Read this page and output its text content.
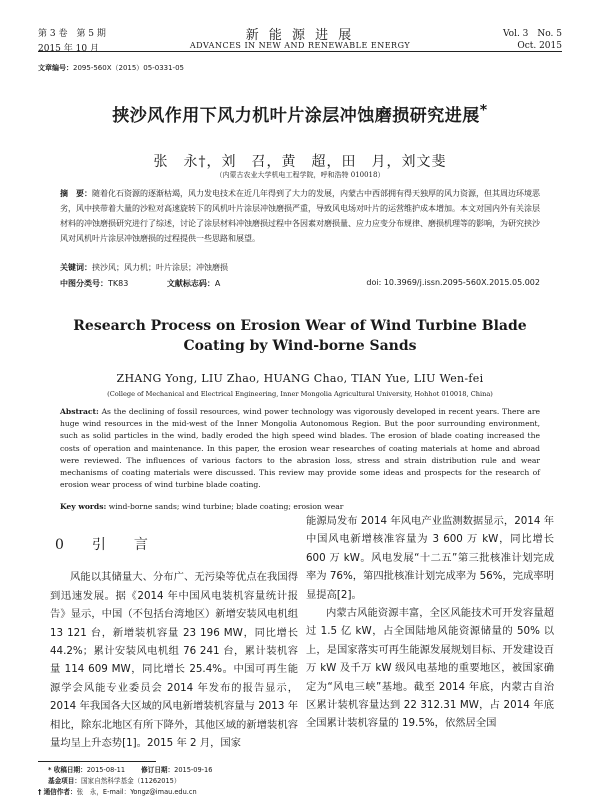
第 3 卷　第 5 期
2015 年 10 月
新 能 源 进 展
ADVANCES IN NEW AND RENEWABLE ENERGY
Vol. 3　No. 5
Oct. 2015
文章编号：2095-560X（2015）05-0331-05
挟沙风作用下风力机叶片涂层冲蚀磨损研究进展*
张　永†，刘　召，黄　超，田　月，刘文斐
（内蒙古农业大学机电工程学院，呼和浩特 010018）
摘　要：随着化石资源的逐渐枯竭，风力发电技术在近几年得到了大力的发展，内蒙古中西部拥有得天独厚的风力资源，但其周边环境恶劣，风中挟带着大量的沙粒对高速旋转下的风机叶片涂层冲蚀磨损严重，导致风电场对叶片的运营维护成本增加。本文对国内外有关涂层材料的冲蚀磨损研究进行了综述，讨论了涂层材料冲蚀磨损过程中各因素对磨损量、应力应变分布规律、磨损机理等的影响，为研究挟沙风对风机叶片涂层冲蚀磨损的过程提供一些思路和展望。
关键词：挟沙风；风力机；叶片涂层；冲蚀磨损
中图分类号：TK83	文献标志码：A	doi: 10.3969/j.issn.2095-560X.2015.05.002
Research Process on Erosion Wear of Wind Turbine Blade Coating by Wind-borne Sands
ZHANG Yong, LIU Zhao, HUANG Chao, TIAN Yue, LIU Wen-fei
(College of Mechanical and Electrical Engineering, Inner Mongolia Agricultural University, Hohhot 010018, China)
Abstract: As the declining of fossil resources, wind power technology was vigorously developed in recent years. There are huge wind resources in the mid-west of the Inner Mongolia Autonomous Region. But the poor surrounding environment, such as solid particles in the wind, badly eroded the high speed wind blades. The erosion of blade coating increased the costs of operation and maintenance. In this paper, the erosion wear researches of coating materials at home and abroad were reviewed. The influences of various factors to the abrasion loss, stress and strain distribution rule and wear mechanisms of coating materials were discussed. This review may provide some ideas and prospects for the research of erosion wear process of wind turbine blade coating.
Key words: wind-borne sands; wind turbine; blade coating; erosion wear
0　引　言

风能以其储量大、分布广、无污染等优点在我国得到迅速发展。据《2014 年中国风电装机容量统计报告》显示，中国（不包括台湾地区）新增安装风电机组 13 121 台，新增装机容量 23 196 MW，同比增长 44.2%；累计安装风电机组 76 241 台，累计装机容量 114 609 MW，同比增长 25.4%。中国可再生能源学会风能专业委员会 2014 年发布的报告显示，2014 年我国各大区域的风电新增装机容量与 2013 年相比，除东北地区有所下降外，其他区域的新增装机容量均呈上升态势[1]。2015 年 2 月，国家

能源局发布 2014 年风电产业监测数据显示，2014 年中国风电新增核准容量为 3 600 万 kW，同比增长 600 万 kW。风电发展“十二五”第三批核准计划完成率为 76%，第四批核准计划完成率为 56%，完成率明显提高[2]。

内蒙古风能资源丰富，全区风能技术可开发容量超过 1.5 亿 kW，占全国陆地风能资源储量的 50% 以上，是国家落实可再生能源发展规划目标、开发建设百万 kW 及千万 kW 级风电基地的重要地区，被国家确定为“风电三峡”基地。截至 2014 年底，内蒙古自治区累计装机容量达到 22 312.31 MW，占 2014 年底全国累计装机容量的 19.5%，依然居全国

* 收稿日期：2015-08-11 修订日期：2015-09-16
基金项目：国家自然科学基金（11262015）
† 通信作者：张　永，E-mail：Yongz@imau.edu.cn
